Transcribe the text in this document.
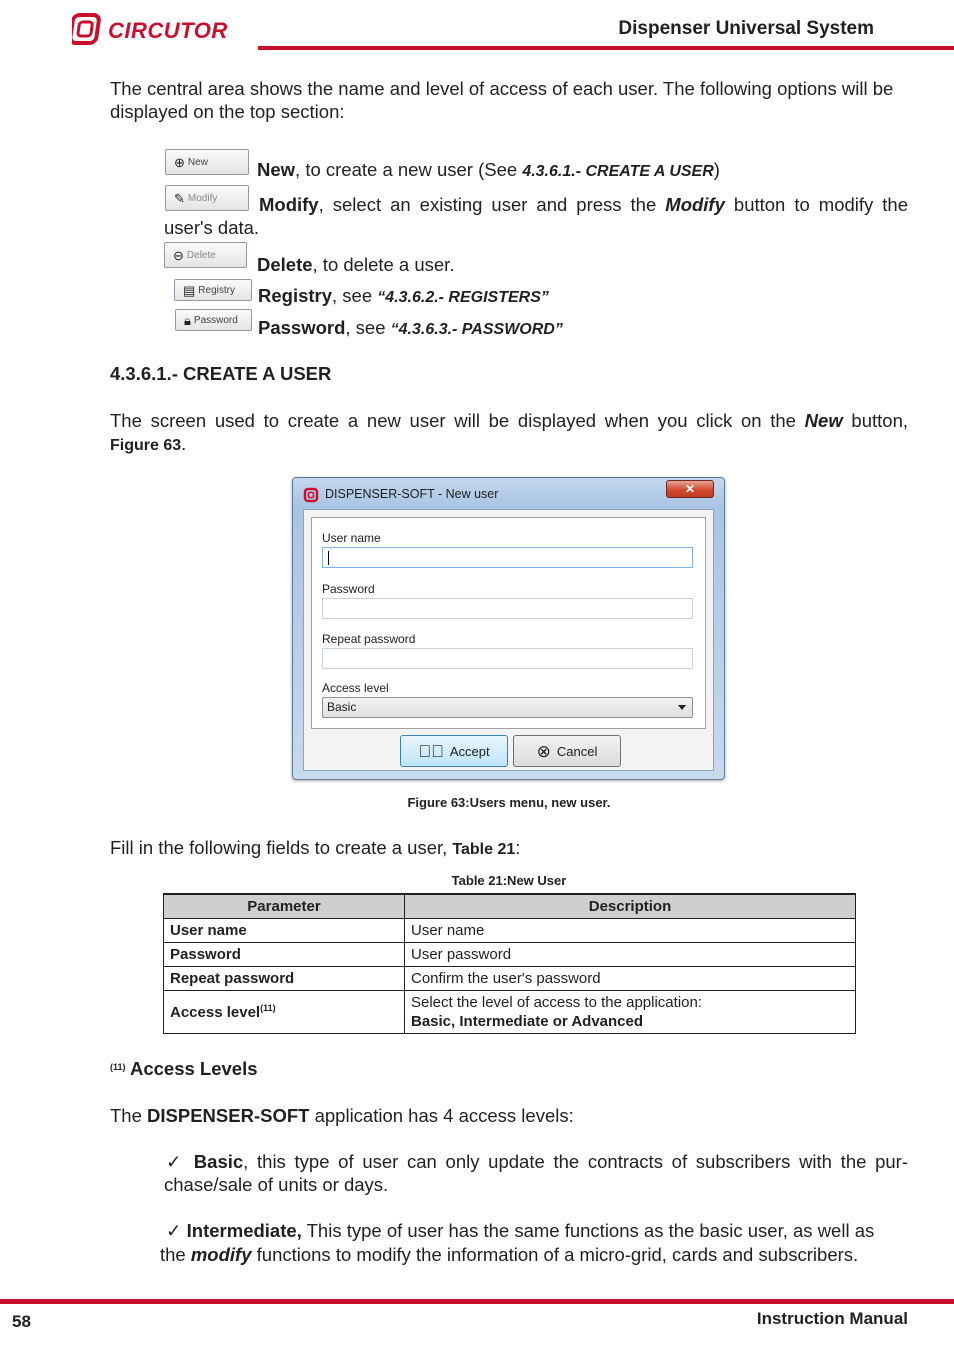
CIRCUTOR	Dispenser Universal System
The central area shows the name and level of access of each user. The following options will be displayed on the top section:
⊕ New	New, to create a new user (See 4.3.6.1.- CREATE A USER)
✎ Modify Modify, select an existing user and press the Modify button to modify the
user's data.
⊖ Delete Delete, to delete a user.
▤ Registry Registry, see “4.3.6.2.- REGISTERS”
🔒︎ Password Password, see “4.3.6.3.- PASSWORD”
4.3.6.1.- CREATE A USER
The screen used to create a new user will be displayed when you click on the New button,
Figure 63.
DISPENSER-SOFT - New user	✕
User name
Password
Repeat password
Access level
Basic
✓⃝ Accept	⊗ Cancel
Figure 63:Users menu, new user.
Fill in the following fields to create a user, Table 21:
Table 21:New User
Parameter	Description
User name	User name
Password	User password
Repeat password	Confirm the user's password
Access level$^{(11)}$	Select the level of access to the application:
Basic, Intermediate or Advanced
$^{(11)}$ Access Levels
The DISPENSER-SOFT application has 4 access levels:
✓ Basic, this type of user can only update the contracts of subscribers with the pur-
chase/sale of units or days.
✓ Intermediate, This type of user has the same functions as the basic user, as well as
the modify functions to modify the information of a micro-grid, cards and subscribers.
58	Instruction Manual
